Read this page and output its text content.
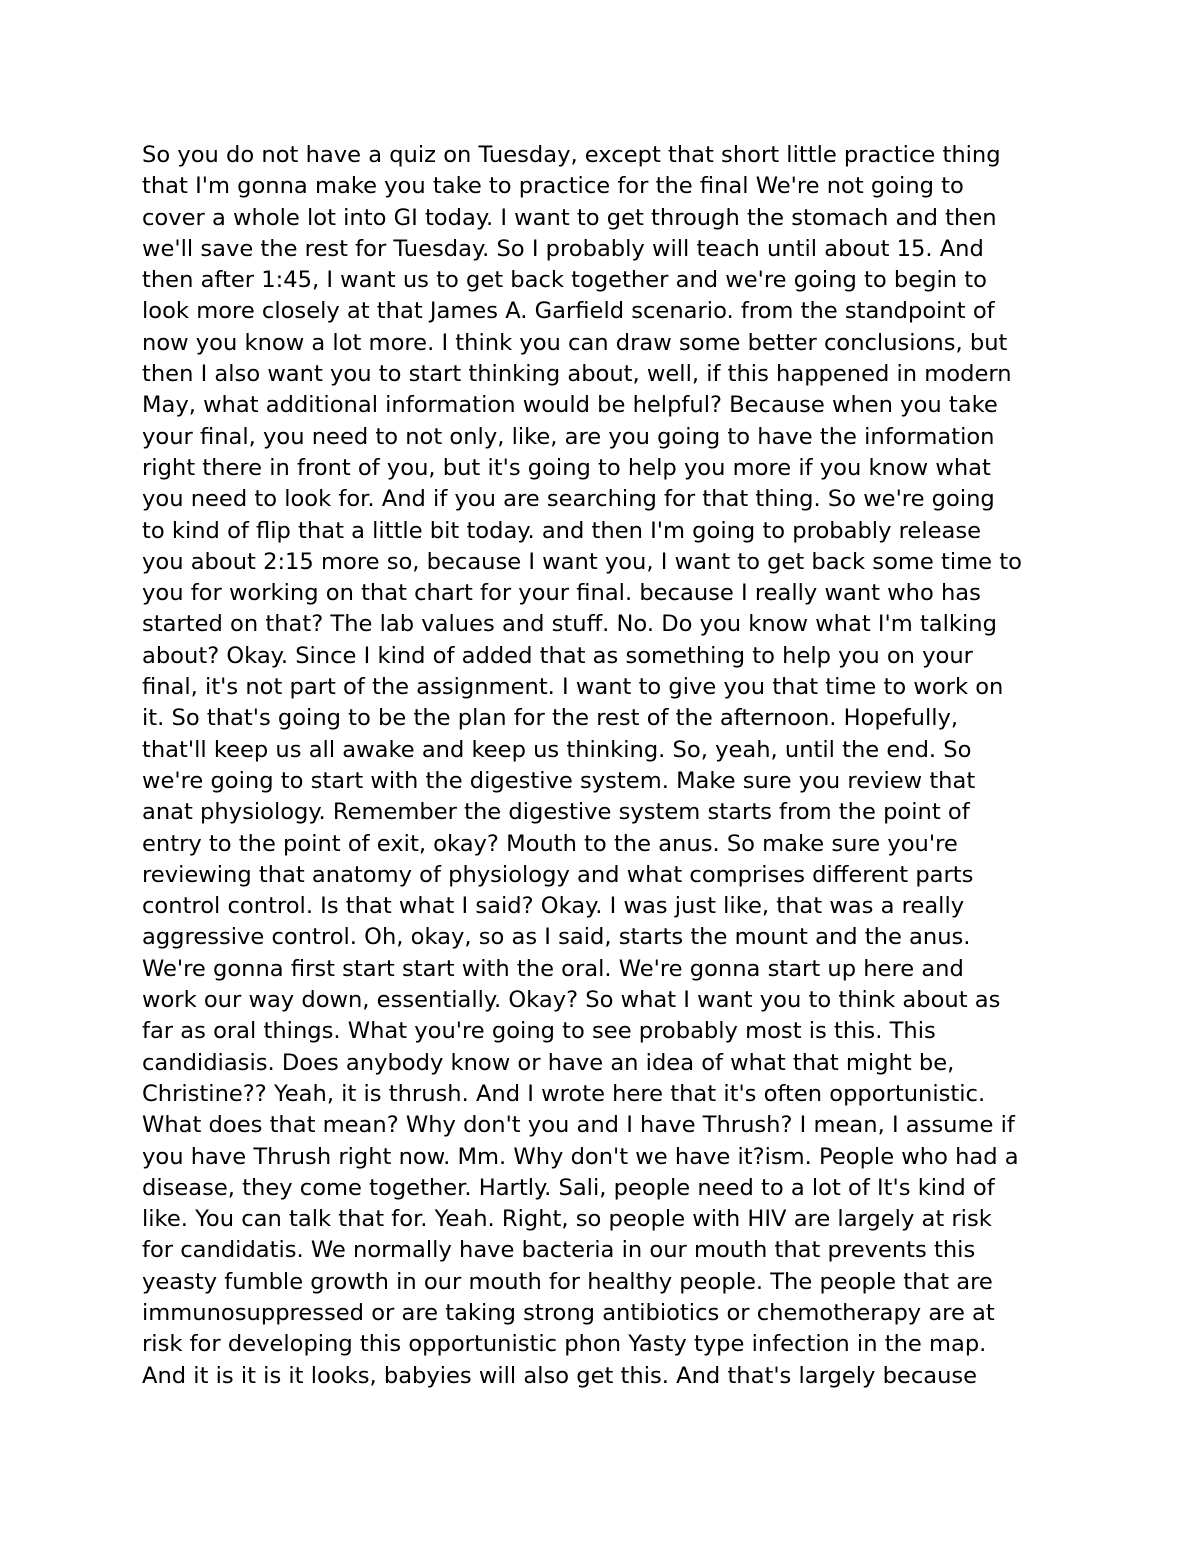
So you do not have a quiz on Tuesday, except that short little practice thing
that I'm gonna make you take to practice for the final We're not going to
cover a whole lot into GI today. I want to get through the stomach and then
we'll save the rest for Tuesday. So I probably will teach until about 15. And
then after 1:45, I want us to get back together and we're going to begin to
look more closely at that James A. Garfield scenario. from the standpoint of
now you know a lot more. I think you can draw some better conclusions, but
then I also want you to start thinking about, well, if this happened in modern
May, what additional information would be helpful? Because when you take
your final, you need to not only, like, are you going to have the information
right there in front of you, but it's going to help you more if you know what
you need to look for. And if you are searching for that thing. So we're going
to kind of flip that a little bit today. and then I'm going to probably release
you about 2:15 more so, because I want you, I want to get back some time to
you for working on that chart for your final. because I really want who has
started on that? The lab values and stuff. No. Do you know what I'm talking
about? Okay. Since I kind of added that as something to help you on your
final, it's not part of the assignment. I want to give you that time to work on
it. So that's going to be the plan for the rest of the afternoon. Hopefully,
that'll keep us all awake and keep us thinking. So, yeah, until the end. So
we're going to start with the digestive system. Make sure you review that
anat physiology. Remember the digestive system starts from the point of
entry to the point of exit, okay? Mouth to the anus. So make sure you're
reviewing that anatomy of physiology and what comprises different parts
control control. Is that what I said? Okay. I was just like, that was a really
aggressive control. Oh, okay, so as I said, starts the mount and the anus.
We're gonna first start start with the oral. We're gonna start up here and
work our way down, essentially. Okay? So what I want you to think about as
far as oral things. What you're going to see probably most is this. This
candidiasis. Does anybody know or have an idea of what that might be,
Christine?? Yeah, it is thrush. And I wrote here that it's often opportunistic.
What does that mean? Why don't you and I have Thrush? I mean, I assume if
you have Thrush right now. Mm. Why don't we have it?ism. People who had a
disease, they come together. Hartly. Sali, people need to a lot of It's kind of
like. You can talk that for. Yeah. Right, so people with HIV are largely at risk
for candidatis. We normally have bacteria in our mouth that prevents this
yeasty fumble growth in our mouth for healthy people. The people that are
immunosuppressed or are taking strong antibiotics or chemotherapy are at
risk for developing this opportunistic phon Yasty type infection in the map.
And it is it is it looks, babyies will also get this. And that's largely because
